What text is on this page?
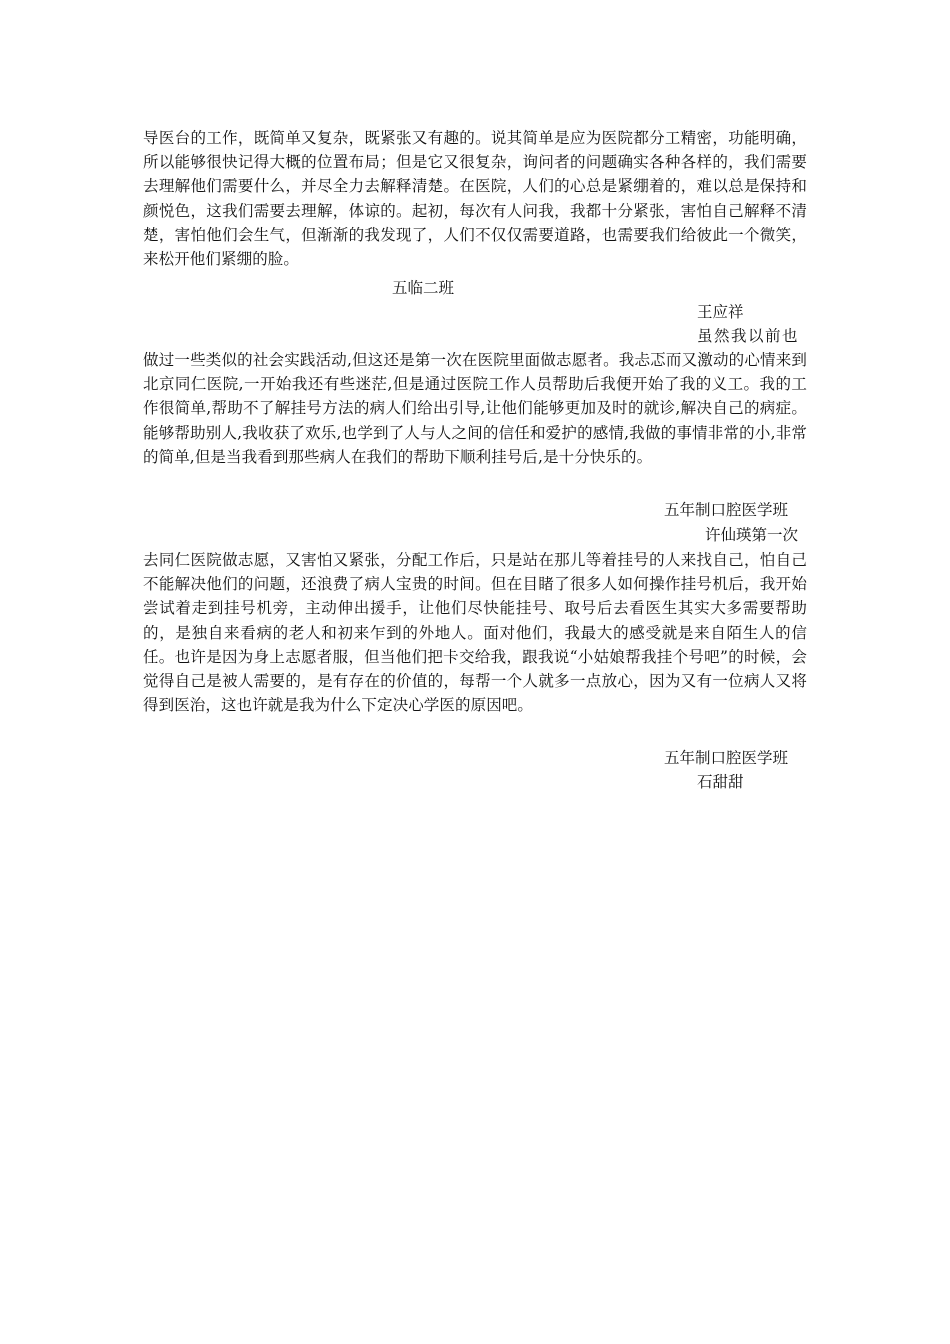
导医台的工作，既简单又复杂，既紧张又有趣的。说其简单是应为医院都分工精密，功能明确，所以能够很快记得大概的位置布局；但是它又很复杂，询问者的问题确实各种各样的，我们需要去理解他们需要什么，并尽全力去解释清楚。在医院，人们的心总是紧绷着的，难以总是保持和颜悦色，这我们需要去理解，体谅的。起初，每次有人问我，我都十分紧张，害怕自己解释不清楚，害怕他们会生气，但渐渐的我发现了，人们不仅仅需要道路，也需要我们给彼此一个微笑，来松开他们紧绷的脸。
五临二班
王应祥
虽然我以前也
做过一些类似的社会实践活动,但这还是第一次在医院里面做志愿者。我忐忑而又激动的心情来到北京同仁医院,一开始我还有些迷茫,但是通过医院工作人员帮助后我便开始了我的义工。我的工作很简单,帮助不了解挂号方法的病人们给出引导,让他们能够更加及时的就诊,解决自己的病症。能够帮助别人,我收获了欢乐,也学到了人与人之间的信任和爱护的感情,我做的事情非常的小,非常的简单,但是当我看到那些病人在我们的帮助下顺利挂号后,是十分快乐的。
五年制口腔医学班
许仙瑛第一次
去同仁医院做志愿，又害怕又紧张，分配工作后，只是站在那儿等着挂号的人来找自己，怕自己不能解决他们的问题，还浪费了病人宝贵的时间。但在目睹了很多人如何操作挂号机后，我开始尝试着走到挂号机旁，主动伸出援手，让他们尽快能挂号、取号后去看医生其实大多需要帮助的，是独自来看病的老人和初来乍到的外地人。面对他们，我最大的感受就是来自陌生人的信任。也许是因为身上志愿者服，但当他们把卡交给我，跟我说“小姑娘帮我挂个号吧”的时候，会觉得自己是被人需要的，是有存在的价值的，每帮一个人就多一点放心，因为又有一位病人又将得到医治，这也许就是我为什么下定决心学医的原因吧。
五年制口腔医学班
石甜甜
